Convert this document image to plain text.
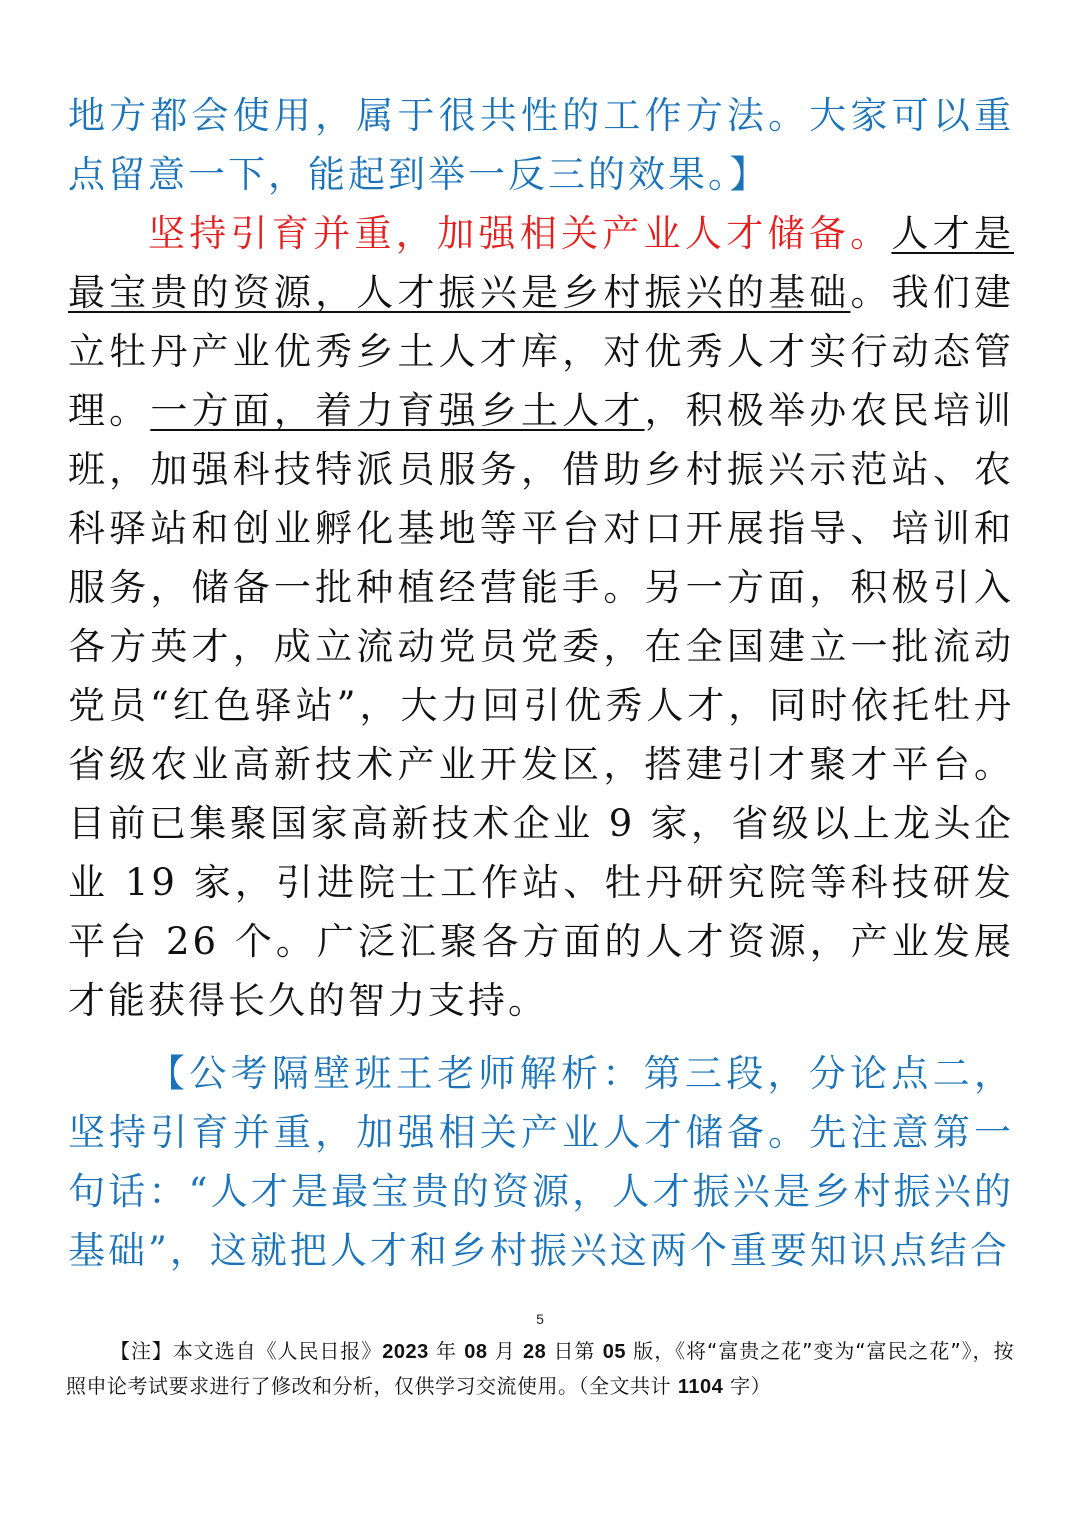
地方都会使用，属于很共性的工作方法。大家可以重点留意一下，能起到举一反三的效果。】

坚持引育并重，加强相关产业人才储备。人才是最宝贵的资源，人才振兴是乡村振兴的基础。我们建立牡丹产业优秀乡土人才库，对优秀人才实行动态管理。一方面，着力育强乡土人才，积极举办农民培训班，加强科技特派员服务，借助乡村振兴示范站、农科驿站和创业孵化基地等平台对口开展指导、培训和服务，储备一批种植经营能手。另一方面，积极引入各方英才，成立流动党员党委，在全国建立一批流动党员“红色驿站”，大力回引优秀人才，同时依托牡丹省级农业高新技术产业开发区，搭建引才聚才平台。目前已集聚国家高新技术企业 9 家，省级以上龙头企业 19 家，引进院士工作站、牡丹研究院等科技研发平台 26 个。广泛汇聚各方面的人才资源，产业发展才能获得长久的智力支持。

【公考隔壁班王老师解析：第三段，分论点二，坚持引育并重，加强相关产业人才储备。先注意第一句话：“人才是最宝贵的资源，人才振兴是乡村振兴的基础”，这就把人才和乡村振兴这两个重要知识点结合

5
【注】本文选自《人民日报》2023 年 08 月 28 日第 05 版，《将“富贵之花”变为“富民之花”》，按照申论考试要求进行了修改和分析，仅供学习交流使用。（全文共计 1104 字）
